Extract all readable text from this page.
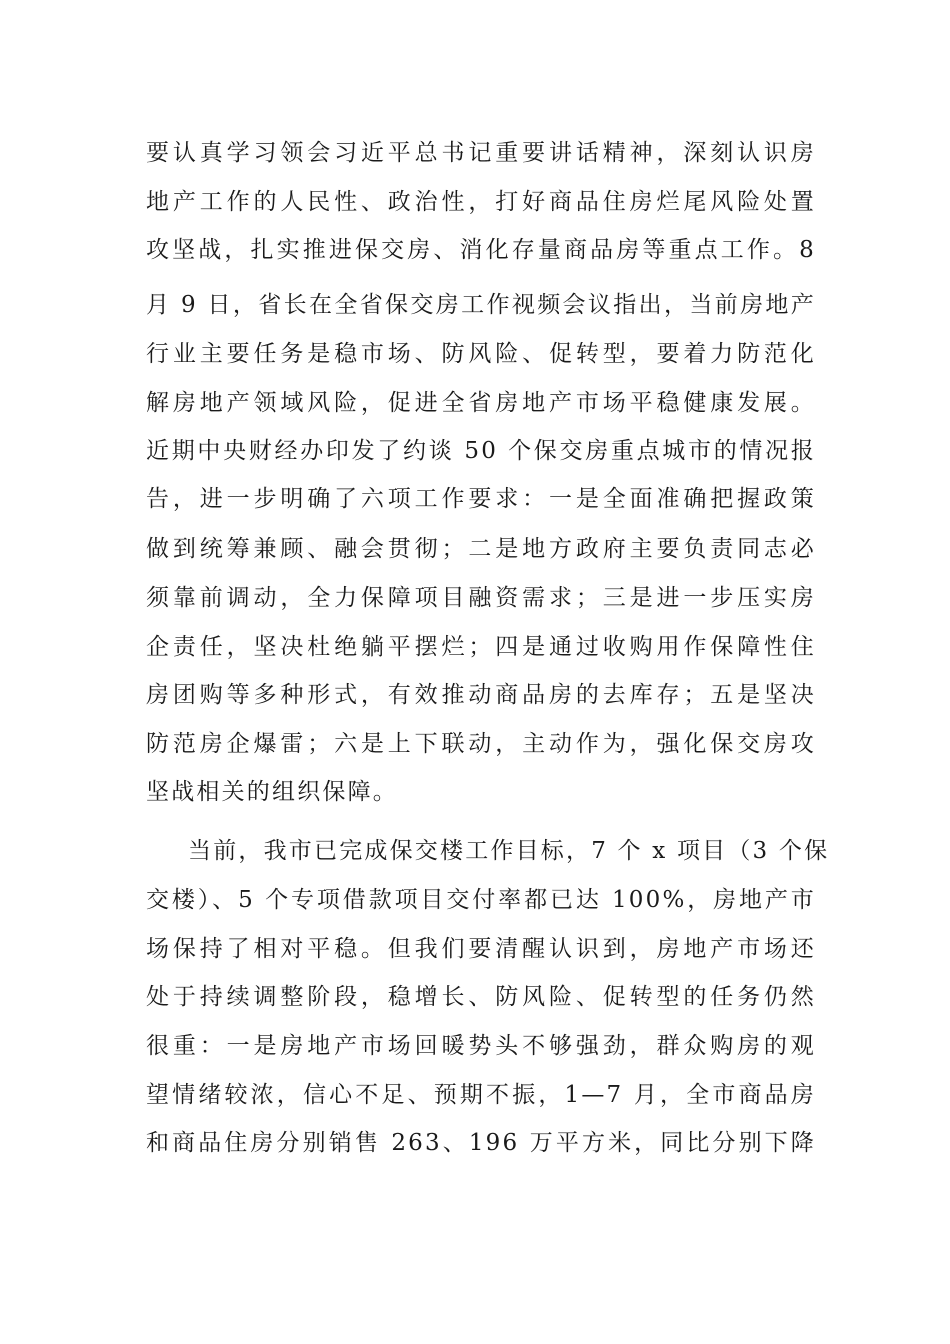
要认真学习领会习近平总书记重要讲话精神，深刻认识房
地产工作的人民性、政治性，打好商品住房烂尾风险处置
攻坚战，扎实推进保交房、消化存量商品房等重点工作。8
月 9 日，省长在全省保交房工作视频会议指出，当前房地产
行业主要任务是稳市场、防风险、促转型，要着力防范化
解房地产领域风险，促进全省房地产市场平稳健康发展。
近期中央财经办印发了约谈 50 个保交房重点城市的情况报
告，进一步明确了六项工作要求：一是全面准确把握政策
做到统筹兼顾、融会贯彻；二是地方政府主要负责同志必
须靠前调动，全力保障项目融资需求；三是进一步压实房
企责任，坚决杜绝躺平摆烂；四是通过收购用作保障性住
房团购等多种形式，有效推动商品房的去库存；五是坚决
防范房企爆雷；六是上下联动，主动作为，强化保交房攻
坚战相关的组织保障。
当前，我市已完成保交楼工作目标，7 个 x 项目（3 个保
交楼）、5 个专项借款项目交付率都已达 100%，房地产市
场保持了相对平稳。但我们要清醒认识到，房地产市场还
处于持续调整阶段，稳增长、防风险、促转型的任务仍然
很重：一是房地产市场回暖势头不够强劲，群众购房的观
望情绪较浓，信心不足、预期不振，1—7 月，全市商品房
和商品住房分别销售 263、196 万平方米，同比分别下降
